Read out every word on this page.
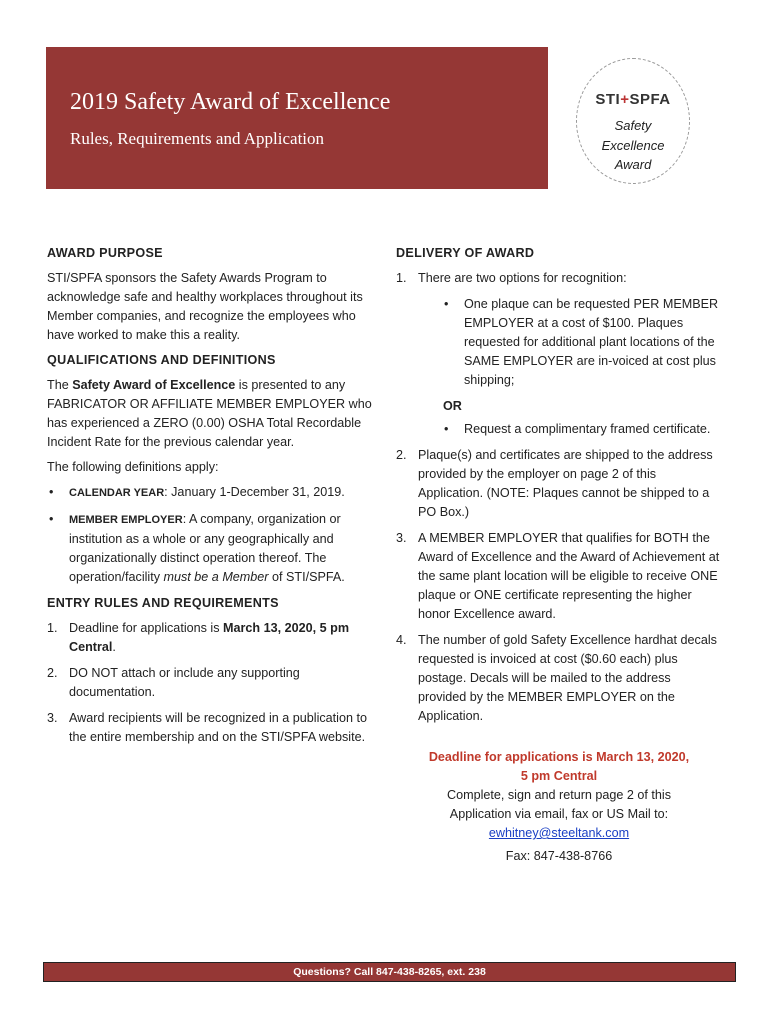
2019 Safety Award of Excellence
Rules, Requirements and Application
STI+SPFA
Safety
Excellence
Award
AWARD PURPOSE

STI/SPFA sponsors the Safety Awards Program to acknowledge safe and healthy workplaces throughout its Member companies, and recognize the employees who have worked to make this a reality.

QUALIFICATIONS AND DEFINITIONS

The Safety Award of Excellence is presented to any FABRICATOR OR AFFILIATE MEMBER EMPLOYER who has experienced a ZERO (0.00) OSHA Total Recordable Incident Rate for the previous calendar year.

The following definitions apply:

• CALENDAR YEAR: January 1-December 31, 2019.
• MEMBER EMPLOYER: A company, organization or institution as a whole or any geographically and organizationally distinct operation thereof. The operation/facility must be a Member of STI/SPFA.
ENTRY RULES AND REQUIREMENTS
1. Deadline for applications is March 13, 2020, 5 pm Central.
2. DO NOT attach or include any supporting documentation.
3. Award recipients will be recognized in a publication to the entire membership and on the STI/SPFA website.
DELIVERY OF AWARD
1. There are two options for recognition:
• One plaque can be requested PER MEMBER EMPLOYER at a cost of $100. Plaques requested for additional plant locations of the SAME EMPLOYER are in-voiced at cost plus shipping;
OR
• Request a complimentary framed certificate.
2. Plaque(s) and certificates are shipped to the address provided by the employer on page 2 of this Application. (NOTE: Plaques cannot be shipped to a PO Box.)
3. A MEMBER EMPLOYER that qualifies for BOTH the Award of Excellence and the Award of Achievement at the same plant location will be eligible to receive ONE plaque or ONE certificate representing the higher honor Excellence award.
4. The number of gold Safety Excellence hardhat decals requested is invoiced at cost ($0.60 each) plus postage. Decals will be mailed to the address provided by the MEMBER EMPLOYER on the Application.
Deadline for applications is March 13, 2020,
5 pm Central
Complete, sign and return page 2 of this Application via email, fax or US Mail to:
ewhitney@steeltank.com
Fax: 847-438-8766
Questions? Call 847-438-8265, ext. 238
